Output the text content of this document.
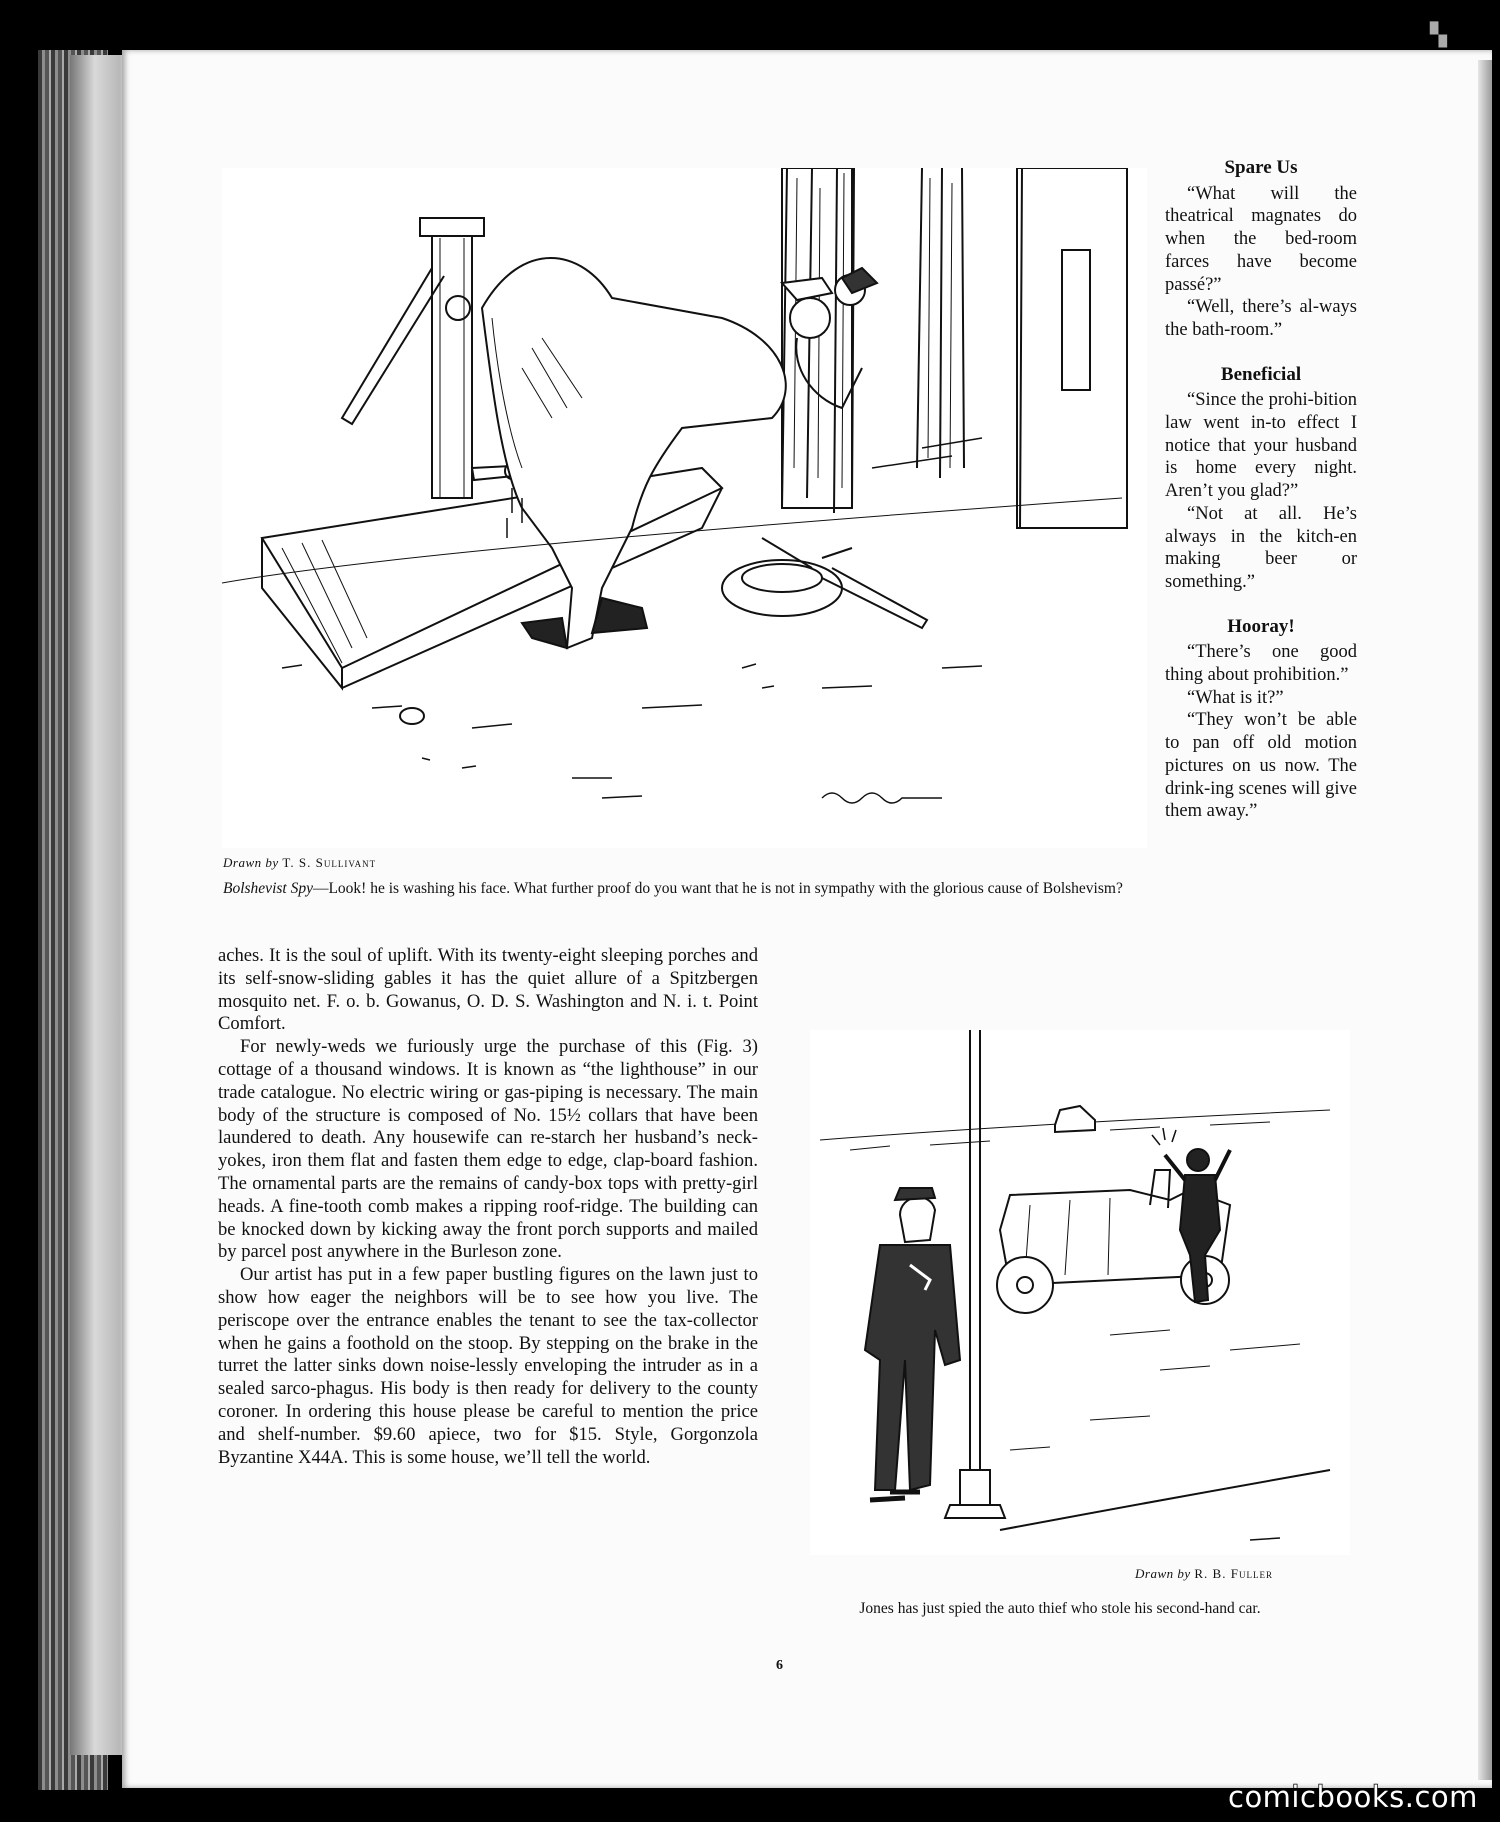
▚
Drawn by T. S. Sullivant
Bolshevist Spy—Look! he is washing his face. What further proof do you want that he is not in sympathy with the glorious cause of Bolshevism?
Spare Us

“What will the theatrical magnates do when the bed-room farces have become passé?”

“Well, there’s al-ways the bath-room.”

Beneficial

“Since the prohi-bition law went in-to effect I notice that your husband is home every night. Aren’t you glad?”

“Not at all. He’s always in the kitch-en making beer or something.”

Hooray!

“There’s one good thing about prohibition.”

“What is it?”

“They won’t be able to pan off old motion pictures on us now. The drink-ing scenes will give them away.”

aches. It is the soul of uplift. With its twenty-eight sleeping porches and its self-snow-sliding gables it has the quiet allure of a Spitzbergen mosquito net. F. o. b. Gowanus, O. D. S. Washington and N. i. t. Point Comfort.

For newly-weds we furiously urge the purchase of this (Fig. 3) cottage of a thousand windows. It is known as “the lighthouse” in our trade catalogue. No electric wiring or gas-piping is necessary. The main body of the structure is composed of No. 15½ collars that have been laundered to death. Any housewife can re-starch her husband’s neck-yokes, iron them flat and fasten them edge to edge, clap-board fashion. The ornamental parts are the remains of candy-box tops with pretty-girl heads. A fine-tooth comb makes a ripping roof-ridge. The building can be knocked down by kicking away the front porch supports and mailed by parcel post anywhere in the Burleson zone.

Our artist has put in a few paper bustling figures on the lawn just to show how eager the neighbors will be to see how you live. The periscope over the entrance enables the tenant to see the tax-collector when he gains a foothold on the stoop. By stepping on the brake in the turret the latter sinks down noise-lessly enveloping the intruder as in a sealed sarco-phagus. His body is then ready for delivery to the county coroner. In ordering this house please be careful to mention the price and shelf-number. $9.60 apiece, two for $15. Style, Gorgonzola Byzantine X44A. This is some house, we’ll tell the world.

Drawn by R. B. Fuller
Jones has just spied the auto thief who stole his second-hand car.
6
comicbooks.com
